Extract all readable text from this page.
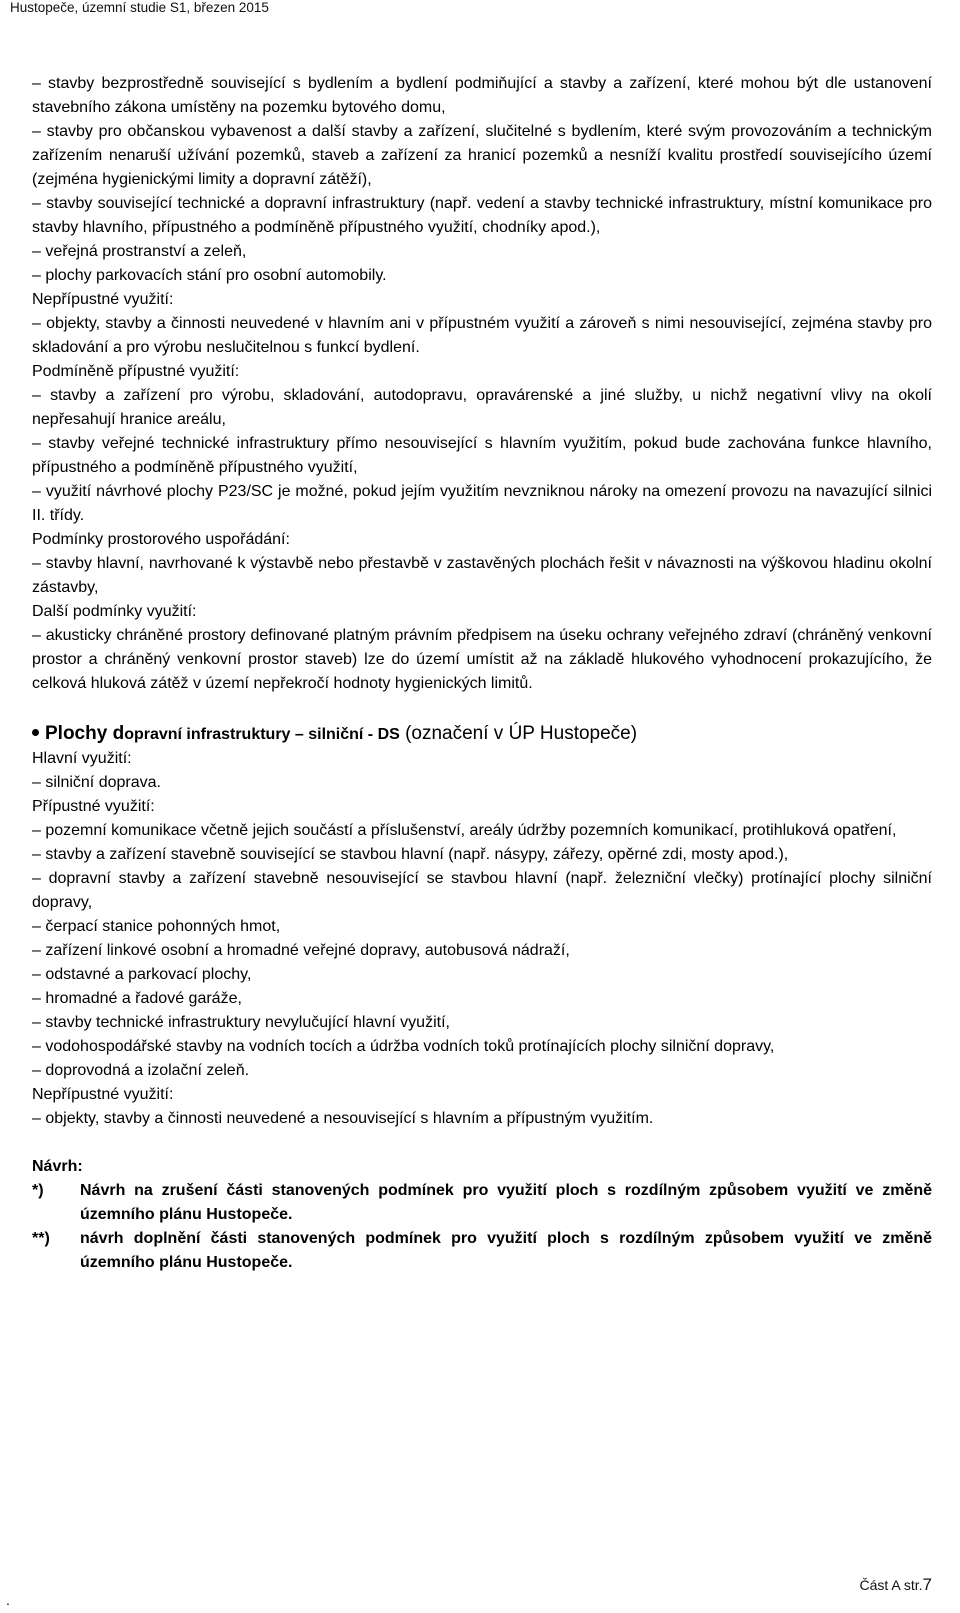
Hustopeče, územní studie S1, březen 2015

– stavby bezprostředně související s bydlením a bydlení podmiňující a stavby a zařízení, které mohou být dle ustanovení stavebního zákona umístěny na pozemku bytového domu,

– stavby pro občanskou vybavenost a další stavby a zařízení, slučitelné s bydlením, které svým provozováním a technickým zařízením nenaruší užívání pozemků, staveb a zařízení za hranicí pozemků a nesníží kvalitu prostředí souvisejícího území (zejména hygienickými limity a dopravní zátěží),

– stavby související technické a dopravní infrastruktury (např. vedení a stavby technické infrastruktury, místní komunikace pro stavby hlavního, přípustného a podmíněně přípustného využití, chodníky apod.),

– veřejná prostranství a zeleň,

– plochy parkovacích stání pro osobní automobily.

Nepřípustné využití:

– objekty, stavby a činnosti neuvedené v hlavním ani v přípustném využití a zároveň s nimi nesouvisející, zejména stavby pro skladování a pro výrobu neslučitelnou s funkcí bydlení.

Podmíněně přípustné využití:

– stavby a zařízení pro výrobu, skladování, autodopravu, opravárenské a jiné služby, u nichž negativní vlivy na okolí nepřesahují hranice areálu,

– stavby veřejné technické infrastruktury přímo nesouvisející s hlavním využitím, pokud bude zachována funkce hlavního, přípustného a podmíněně přípustného využití,

– využití návrhové plochy P23/SC je možné, pokud jejím využitím nevzniknou nároky na omezení provozu na navazující silnici II. třídy.

Podmínky prostorového uspořádání:

– stavby hlavní, navrhované k výstavbě nebo přestavbě v zastavěných plochách řešit v návaznosti na výškovou hladinu okolní zástavby,

Další podmínky využití:

– akusticky chráněné prostory definované platným právním předpisem na úseku ochrany veřejného zdraví (chráněný venkovní prostor a chráněný venkovní prostor staveb) lze do území umístit až na základě hlukového vyhodnocení prokazujícího, že celková hluková zátěž v území nepřekročí hodnoty hygienických limitů.

Plochy dopravní infrastruktury – silniční - DS (označení v ÚP Hustopeče)

Hlavní využití:

– silniční doprava.

Přípustné využití:

– pozemní komunikace včetně jejich součástí a příslušenství, areály údržby pozemních komunikací, protihluková opatření,

– stavby a zařízení stavebně související se stavbou hlavní (např. násypy, zářezy, opěrné zdi, mosty apod.),

– dopravní stavby a zařízení stavebně nesouvisející se stavbou hlavní (např. železniční vlečky) protínající plochy silniční dopravy,

– čerpací stanice pohonných hmot,

– zařízení linkové osobní a hromadné veřejné dopravy, autobusová nádraží,

– odstavné a parkovací plochy,

– hromadné a řadové garáže,

– stavby technické infrastruktury nevylučující hlavní využití,

– vodohospodářské stavby na vodních tocích a údržba vodních toků protínajících plochy silniční dopravy,

– doprovodná a izolační zeleň.

Nepřípustné využití:

– objekty, stavby a činnosti neuvedené a nesouvisející s hlavním a přípustným využitím.

Návrh:

*)	Návrh na zrušení části stanovených podmínek pro využití ploch s rozdílným způsobem využití ve změně územního plánu Hustopeče.
**)	návrh doplnění části stanovených podmínek pro využití ploch s rozdílným způsobem využití ve změně územního plánu Hustopeče.
Část A str.7
.
